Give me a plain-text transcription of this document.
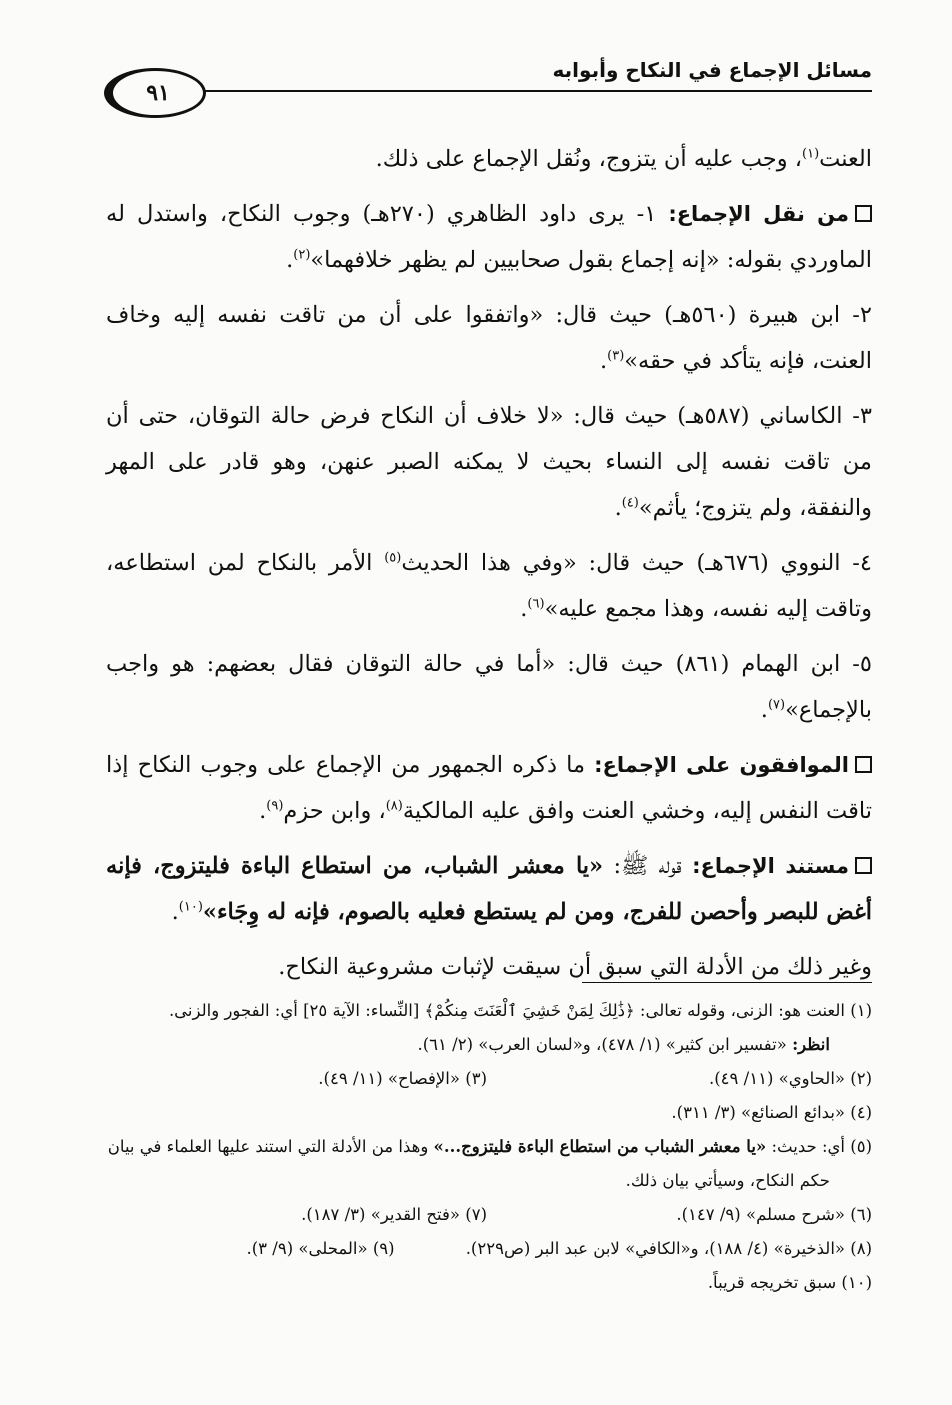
مسائل الإجماع في النكاح وأبوابه
٩١

العنت$^{(١)}$، وجب عليه أن يتزوج، ونُقل الإجماع على ذلك.

من نقل الإجماع: ١- يرى داود الظاهري (٢٧٠هـ) وجوب النكاح، واستدل له الماوردي بقوله: «إنه إجماع بقول صحابيين لم يظهر خلافهما»$^{(٢)}$.

٢- ابن هبيرة (٥٦٠هـ) حيث قال: «واتفقوا على أن من تاقت نفسه إليه وخاف العنت، فإنه يتأكد في حقه»$^{(٣)}$.

٣- الكاساني (٥٨٧هـ) حيث قال: «لا خلاف أن النكاح فرض حالة التوقان، حتى أن من تاقت نفسه إلى النساء بحيث لا يمكنه الصبر عنهن، وهو قادر على المهر والنفقة، ولم يتزوج؛ يأثم»$^{(٤)}$.

٤- النووي (٦٧٦هـ) حيث قال: «وفي هذا الحديث$^{(٥)}$ الأمر بالنكاح لمن استطاعه، وتاقت إليه نفسه، وهذا مجمع عليه»$^{(٦)}$.

٥- ابن الهمام (٨٦١) حيث قال: «أما في حالة التوقان فقال بعضهم: هو واجب بالإجماع»$^{(٧)}$.

الموافقون على الإجماع: ما ذكره الجمهور من الإجماع على وجوب النكاح إذا تاقت النفس إليه، وخشي العنت وافق عليه المالكية$^{(٨)}$، وابن حزم$^{(٩)}$.

مستند الإجماع: قوله ﷺ: «يا معشر الشباب، من استطاع الباءة فليتزوج، فإنه أغض للبصر وأحصن للفرج، ومن لم يستطع فعليه بالصوم، فإنه له وِجَاء»$^{(١٠)}$.

وغير ذلك من الأدلة التي سبق أن سيقت لإثبات مشروعية النكاح.

(١) العنت هو: الزنى، وقوله تعالى: ﴿ذَٰلِكَ لِمَنْ خَشِيَ ٱلْعَنَتَ مِنكُمْ﴾ [النِّساء: الآية ٢٥] أي: الفجور والزنى.

انظر: «تفسير ابن كثير» (١/ ٤٧٨)، و«لسان العرب» (٢/ ٦١).

(٢) «الحاوي» (١١/ ٤٩).
(٣) «الإفصاح» (١١/ ٤٩).

(٤) «بدائع الصنائع» (٣/ ٣١١).

(٥) أي: حديث: «يا معشر الشباب من استطاع الباءة فليتزوج...» وهذا من الأدلة التي استند عليها العلماء في بيان

حكم النكاح، وسيأتي بيان ذلك.

(٦) «شرح مسلم» (٩/ ١٤٧).
(٧) «فتح القدير» (٣/ ١٨٧).
(٨) «الذخيرة» (٤/ ١٨٨)، و«الكافي» لابن عبد البر (ص٢٢٩).
(٩) «المحلى» (٩/ ٣).

(١٠) سبق تخريجه قريباً.
